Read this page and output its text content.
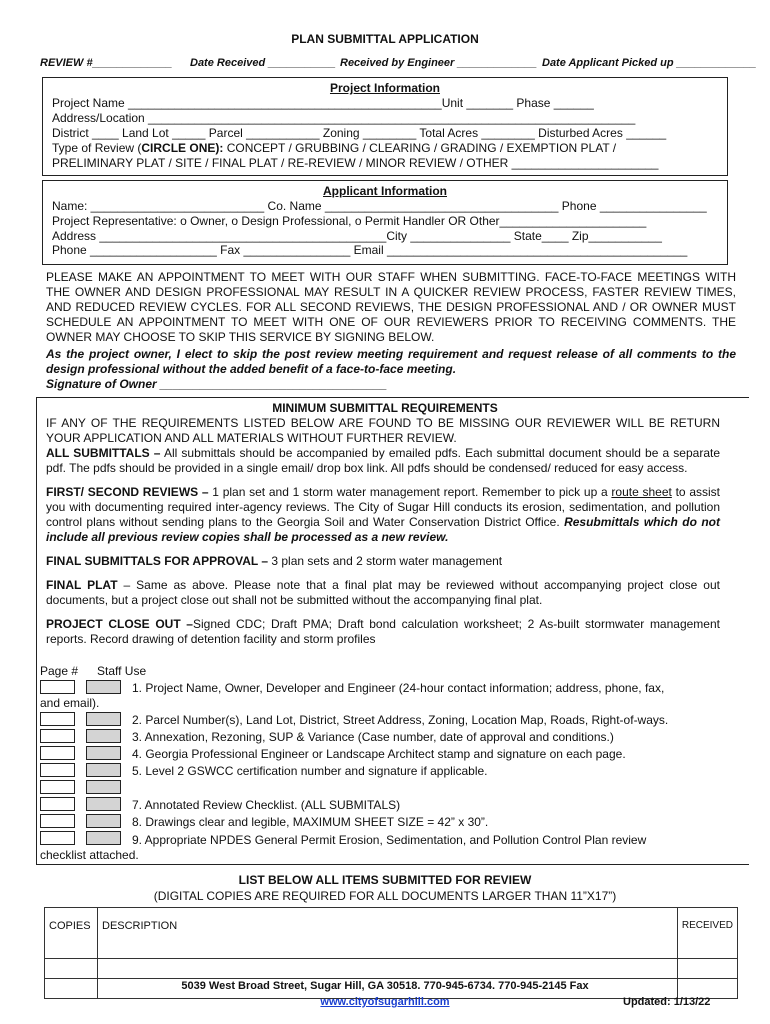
PLAN SUBMITTAL APPLICATION
REVIEW #_____________ Date Received ___________ Received by Engineer _____________ Date Applicant Picked up _____________
Project Information
Project Name _______________________________________________Unit _______ Phase ______
Address/Location _________________________________________________________________________
District ____ Land Lot _____ Parcel ___________ Zoning ________ Total Acres ________ Disturbed Acres ______
Type of Review (CIRCLE ONE): CONCEPT / GRUBBING / CLEARING / GRADING / EXEMPTION PLAT /
PRELIMINARY PLAT / SITE / FINAL PLAT / RE-REVIEW / MINOR REVIEW / OTHER ______________________
Applicant Information
Name: __________________________ Co. Name ___________________________________ Phone ________________
Project Representative: o Owner, o Design Professional, o Permit Handler OR Other______________________
Address ___________________________________________City _______________ State____ Zip___________
Phone ___________________ Fax ________________ Email _____________________________________________

PLEASE MAKE AN APPOINTMENT TO MEET WITH OUR STAFF WHEN SUBMITTING. FACE-TO-FACE MEETINGS WITH THE OWNER AND DESIGN PROFESSIONAL MAY RESULT IN A QUICKER REVIEW PROCESS, FASTER REVIEW TIMES, AND REDUCED REVIEW CYCLES. FOR ALL SECOND REVIEWS, THE DESIGN PROFESSIONAL AND / OR OWNER MUST SCHEDULE AN APPOINTMENT TO MEET WITH ONE OF OUR REVIEWERS PRIOR TO RECEIVING COMMENTS. THE OWNER MAY CHOOSE TO SKIP THIS SERVICE BY SIGNING BELOW.

As the project owner, I elect to skip the post review meeting requirement and request release of all comments to the design professional without the added benefit of a face-to-face meeting.

Signature of Owner __________________________________

MINIMUM SUBMITTAL REQUIREMENTS

IF ANY OF THE REQUIREMENTS LISTED BELOW ARE FOUND TO BE MISSING OUR REVIEWER WILL BE RETURN YOUR APPLICATION AND ALL MATERIALS WITHOUT FURTHER REVIEW.

ALL SUBMITTALS – All submittals should be accompanied by emailed pdfs. Each submittal document should be a separate pdf. The pdfs should be provided in a single email/ drop box link. All pdfs should be condensed/ reduced for easy access.

FIRST/ SECOND REVIEWS – 1 plan set and 1 storm water management report. Remember to pick up a route sheet to assist you with documenting required inter-agency reviews. The City of Sugar Hill conducts its erosion, sedimentation, and pollution control plans without sending plans to the Georgia Soil and Water Conservation District Office. Resubmittals which do not include all previous review copies shall be processed as a new review.

FINAL SUBMITTALS FOR APPROVAL – 3 plan sets and 2 storm water management

FINAL PLAT – Same as above. Please note that a final plat may be reviewed without accompanying project close out documents, but a project close out shall not be submitted without the accompanying final plat.

PROJECT CLOSE OUT –Signed CDC; Draft PMA; Draft bond calculation worksheet; 2 As-built stormwater management reports. Record drawing of detention facility and storm profiles

Page # Staff Use
1. Project Name, Owner, Developer and Engineer (24-hour contact information; address, phone, fax,
and email).
2. Parcel Number(s), Land Lot, District, Street Address, Zoning, Location Map, Roads, Right-of-ways.
3. Annexation, Rezoning, SUP & Variance (Case number, date of approval and conditions.)
4. Georgia Professional Engineer or Landscape Architect stamp and signature on each page.
5. Level 2 GSWCC certification number and signature if applicable.
7. Annotated Review Checklist. (ALL SUBMITALS)
8. Drawings clear and legible, MAXIMUM SHEET SIZE = 42” x 30”.
9. Appropriate NPDES General Permit Erosion, Sedimentation, and Pollution Control Plan review
checklist attached.
LIST BELOW ALL ITEMS SUBMITTED FOR REVIEW
(DIGITAL COPIES ARE REQUIRED FOR ALL DOCUMENTS LARGER THAN 11”X17”)
COPIES	DESCRIPTION	RECEIVED

5039 West Broad Street, Sugar Hill, GA 30518. 770-945-6734. 770-945-2145 Fax
www.cityofsugarhill.com	Updated: 1/13/22
